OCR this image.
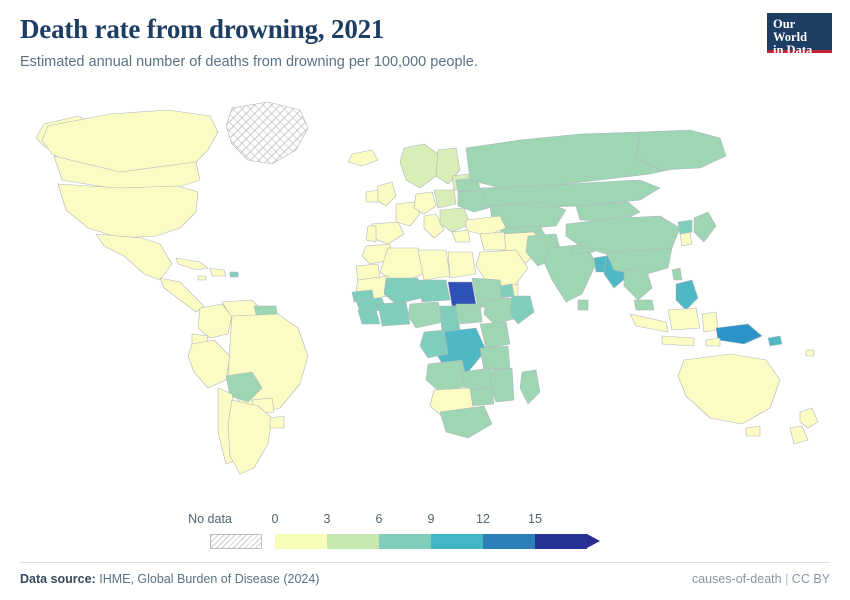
Death rate from drowning, 2021
Estimated annual number of deaths from drowning per 100,000 people.
Our World
in Data
No data	0	3	6	9	12	15
Data source: IHME, Global Burden of Disease (2024)	causes-of-death | CC BY
